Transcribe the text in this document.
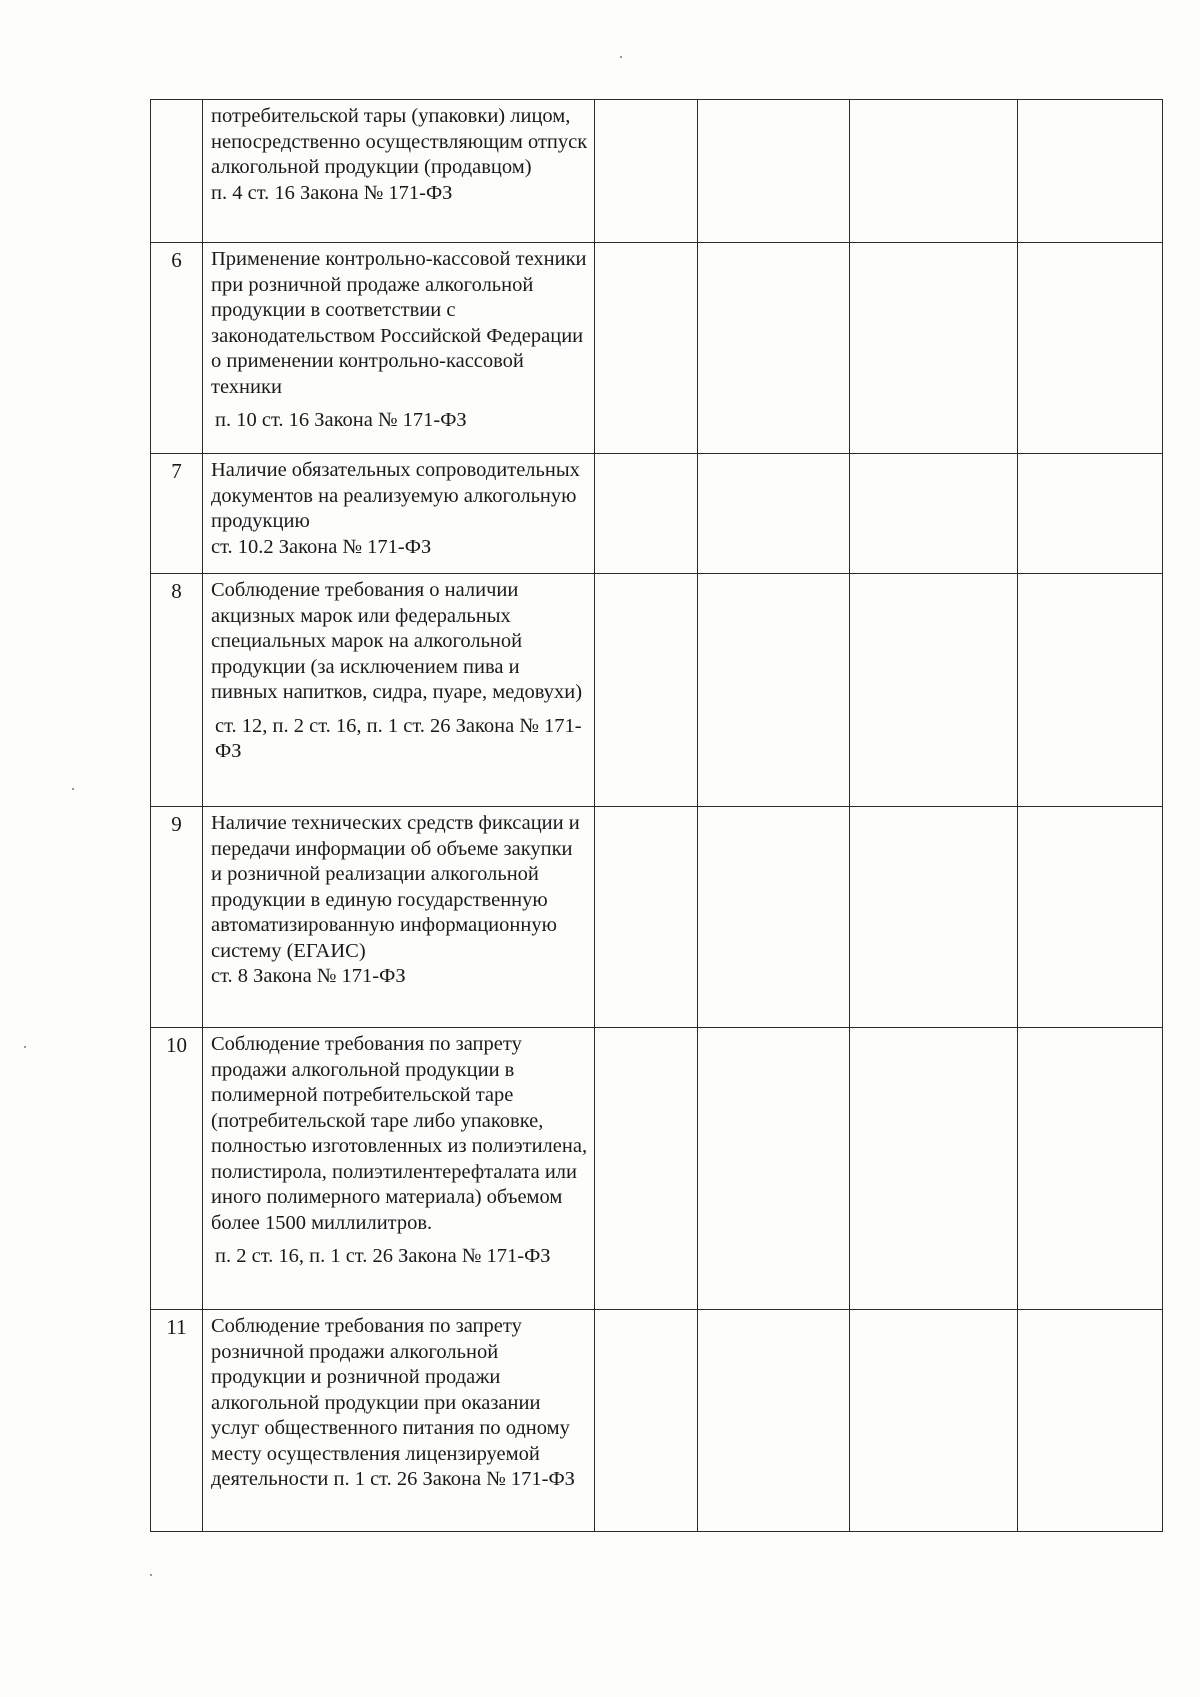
	потребительской тары (упаковки) лицом, непосредственно осуществляющим отпуск алкогольной продукции (продавцом)
п. 4 ст. 16 Закона № 171-ФЗ				

6	Применение контрольно-кассовой техники при розничной продаже алкогольной продукции в соответствии с законодательством Российской Федерации о применении контрольно-кассовой техники
п. 10 ст. 16 Закона № 171-ФЗ				

7	Наличие обязательных сопроводительных документов на реализуемую алкогольную продукцию
ст. 10.2 Закона № 171-ФЗ				

8	Соблюдение требования о наличии акцизных марок или федеральных специальных марок на алкогольной продукции (за исключением пива и пивных напитков, сидра, пуаре, медовухи)
ст. 12, п. 2 ст. 16, п. 1 ст. 26 Закона № 171-ФЗ				

9	Наличие технических средств фиксации и передачи информации об объеме закупки и розничной реализации алкогольной продукции в единую государственную автоматизированную информационную систему (ЕГАИС)
ст. 8 Закона № 171-ФЗ				

10	Соблюдение требования по запрету продажи алкогольной продукции в полимерной потребительской таре (потребительской таре либо упаковке, полностью изготовленных из полиэтилена, полистирола, полиэтилентерефталата или иного полимерного материала) объемом более 1500 миллилитров.
п. 2 ст. 16, п. 1 ст. 26 Закона № 171-ФЗ				

11	Соблюдение требования по запрету розничной продажи алкогольной продукции и розничной продажи алкогольной продукции при оказании услуг общественного питания по одному месту осуществления лицензируемой деятельности п. 1 ст. 26 Закона № 171-ФЗ				
